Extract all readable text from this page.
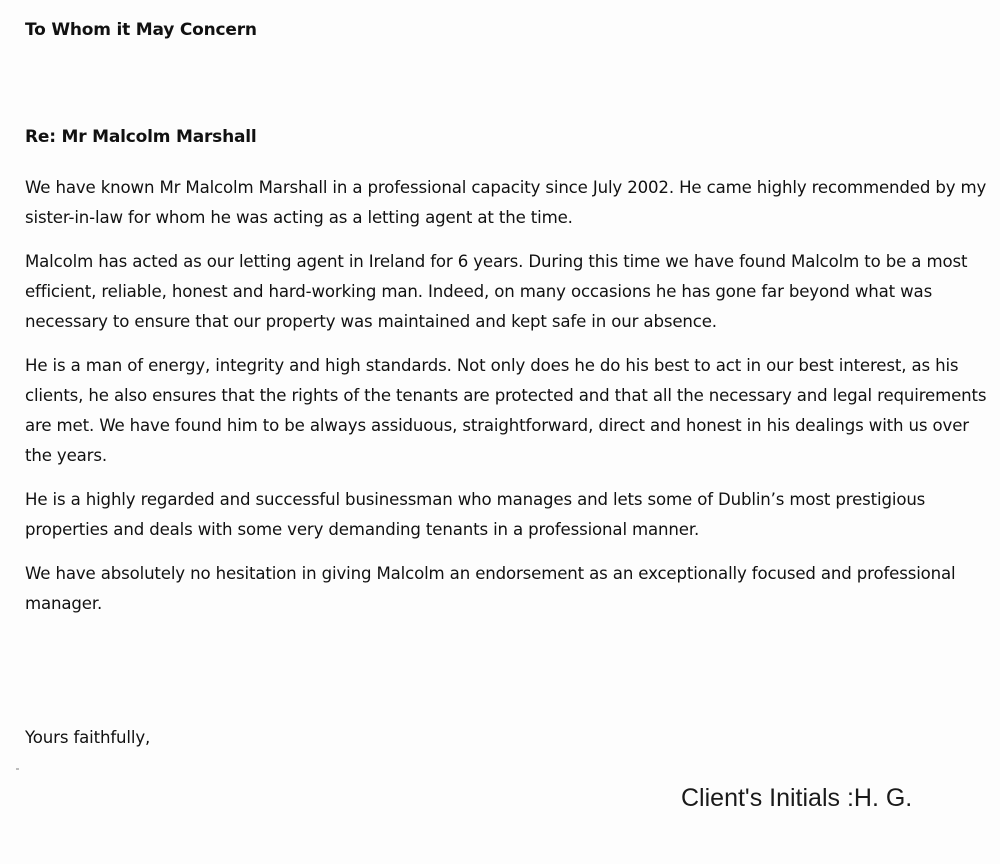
To Whom it May Concern
Re: Mr Malcolm Marshall

We have known Mr Malcolm Marshall in a professional capacity since July 2002. He came highly recommended by my sister-in-law for whom he was acting as a letting agent at the time.

Malcolm has acted as our letting agent in Ireland for 6 years. During this time we have found Malcolm to be a most efficient, reliable, honest and hard-working man. Indeed, on many occasions he has gone far beyond what was necessary to ensure that our property was maintained and kept safe in our absence.

He is a man of energy, integrity and high standards. Not only does he do his best to act in our best interest, as his clients, he also ensures that the rights of the tenants are protected and that all the necessary and legal requirements are met. We have found him to be always assiduous, straightforward, direct and honest in his dealings with us over the years.

He is a highly regarded and successful businessman who manages and lets some of Dublin’s most prestigious properties and deals with some very demanding tenants in a professional manner.

We have absolutely no hesitation in giving Malcolm an endorsement as an exceptionally focused and professional manager.

Yours faithfully,
Client's Initials :H. G.
